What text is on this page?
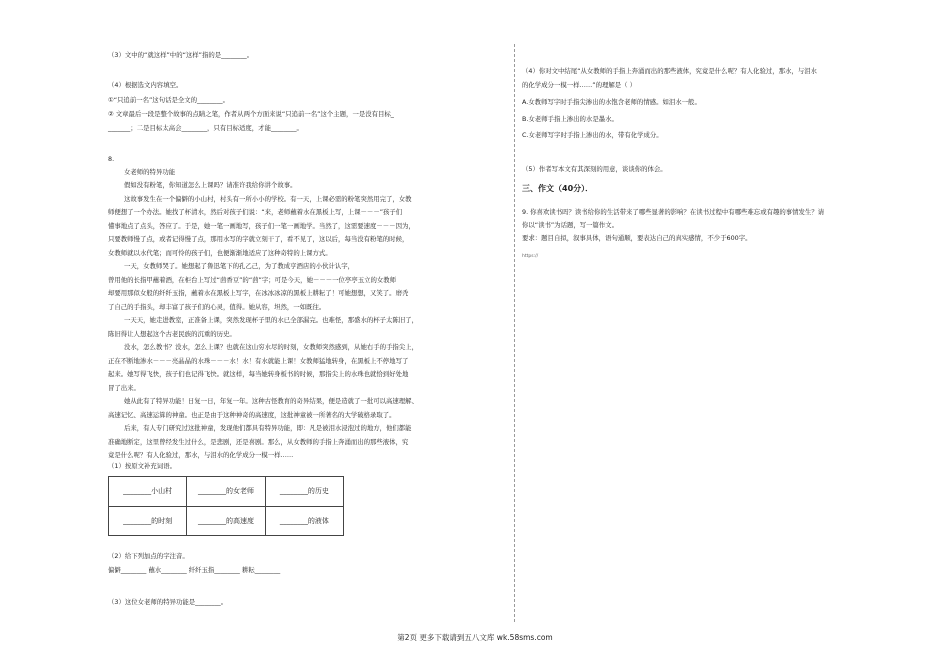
（3）文中的“就这样”中的“这样”指的是________。
（4）根据选文内容填空。
①“只追前一名”这句话是全文的________。
② 文章最后一段是整个故事的点睛之笔，作者从两个方面来说“只追前一名”这个主题，一是没有目标_
_______；二是目标太高会________，只有目标适度，才能________。
8.
女老师的特异功能
假如没有粉笔，你知道怎么上课吗？请准许我给你讲个故事。
这故事发生在一个偏僻的小山村，村头有一所小小的学校。有一天，上课必需的粉笔突然用完了，女教
师便想了一个办法。她找了杯清水，然后对孩子们说：“来，老师蘸着水在黑板上写，上课－－－”孩子们
懂事地点了点头，答应了。于是，她一笔一画地写，孩子们一笔一画地学。当然了，这需要速度－－－因为，
只要教师慢了点，或者记得慢了点，那用水写的字就立刻干了，看不见了，这以后，每当没有粉笔的时候，
女教师就以水代笔；而可怜的孩子们，也便渐渐地适应了这种奇特的上课方式。
一天，女教师哭了。她想起了鲁迅笔下的孔乙己，为了教成亨酒店的小伙计认字，
曾用他的长指甲蘸着酒，在柜台上写过“茴香豆”的“茴”字；可是今天，她－－－一位亭亭玉立的女教师
却要用那似女般的纤纤玉指，蘸着水在黑板上写字，在冰冰冰凉的黑板上耕耘了！可她想想，又笑了。磨秃
了自己的手指头，却丰富了孩子们的心灵，值得。她从容，坦然，一如既往。
一天天，她走进教室，正准备上课，突然发现杯子里的水已全部漏完。也难怪，那盛水的杯子太陈旧了，
陈旧得让人想起这个古老民族的沉重的历史。
没水，怎么教书？没水，怎么上课？也就在这山穷水尽的时刻，女教师突然感到，从她右手的手指尖上，
正在不断地渗水－－－亮晶晶的水珠－－－水！水！有水就能上课！女教师猛地转身，在黑板上不停地写了
起来。她写得飞快，孩子们也记得飞快。就这样，每当她转身板书的时候，那指尖上的水珠也就恰到好处地
冒了出来。
她从此有了特异功能！日复一日，年复一年。这种古怪教育的奇异结果，便是造就了一批可以高速理解、
高速记忆、高速运算的神童。也正是由于这种神奇的高速度，这批神童被一所著名的大学破格录取了。
后来，有人专门研究过这批神童，发现他们都具有特异功能，即：凡是被泪水浸泡过的地方，他们都能
准确地断定，这里曾经发生过什么，是悲剧，还是喜剧。那么，从女教师的手指上奔涌而出的那些液体，究
竟是什么呢？有人化验过，那水，与泪水的化学成分一模一样……
（1）按原文补充词语。
________小山村	________的女老师	________的历史
________的时刻	________的高速度	________的液体
（2）给下列加点的字注音。
偏僻________ 蘸水________ 纤纤玉指________ 耕耘________
（3）这位女老师的特异功能是________。
（4）你对文中结尾“从女教师的手指上奔涌而出的那些液体，究竟是什么呢？有人化验过，那水，与泪水
的化学成分一模一样……”的理解是（ ）
A.女教师写字时手指尖渗出的水饱含老师的情感。如泪水一般。
B.女老师手指上渗出的水是墨水。
C.女老师写字时手指上渗出的水，带有化学成分。
（5）作者写本文有其深刻的用意，谈谈你的体会。
三、作文（40分）．
9. 你喜欢读书吗？读书给你的生活带来了哪些显著的影响？在读书过程中有哪些难忘或有趣的事情发生？请
你以“读书”为话题，写一篇作文。
要求：题目自拟，叙事具体，语句通顺，要表达自己的真实感情，不少于600字。
https://
第2页 更多下载请到五八文库 wk.58sms.com
